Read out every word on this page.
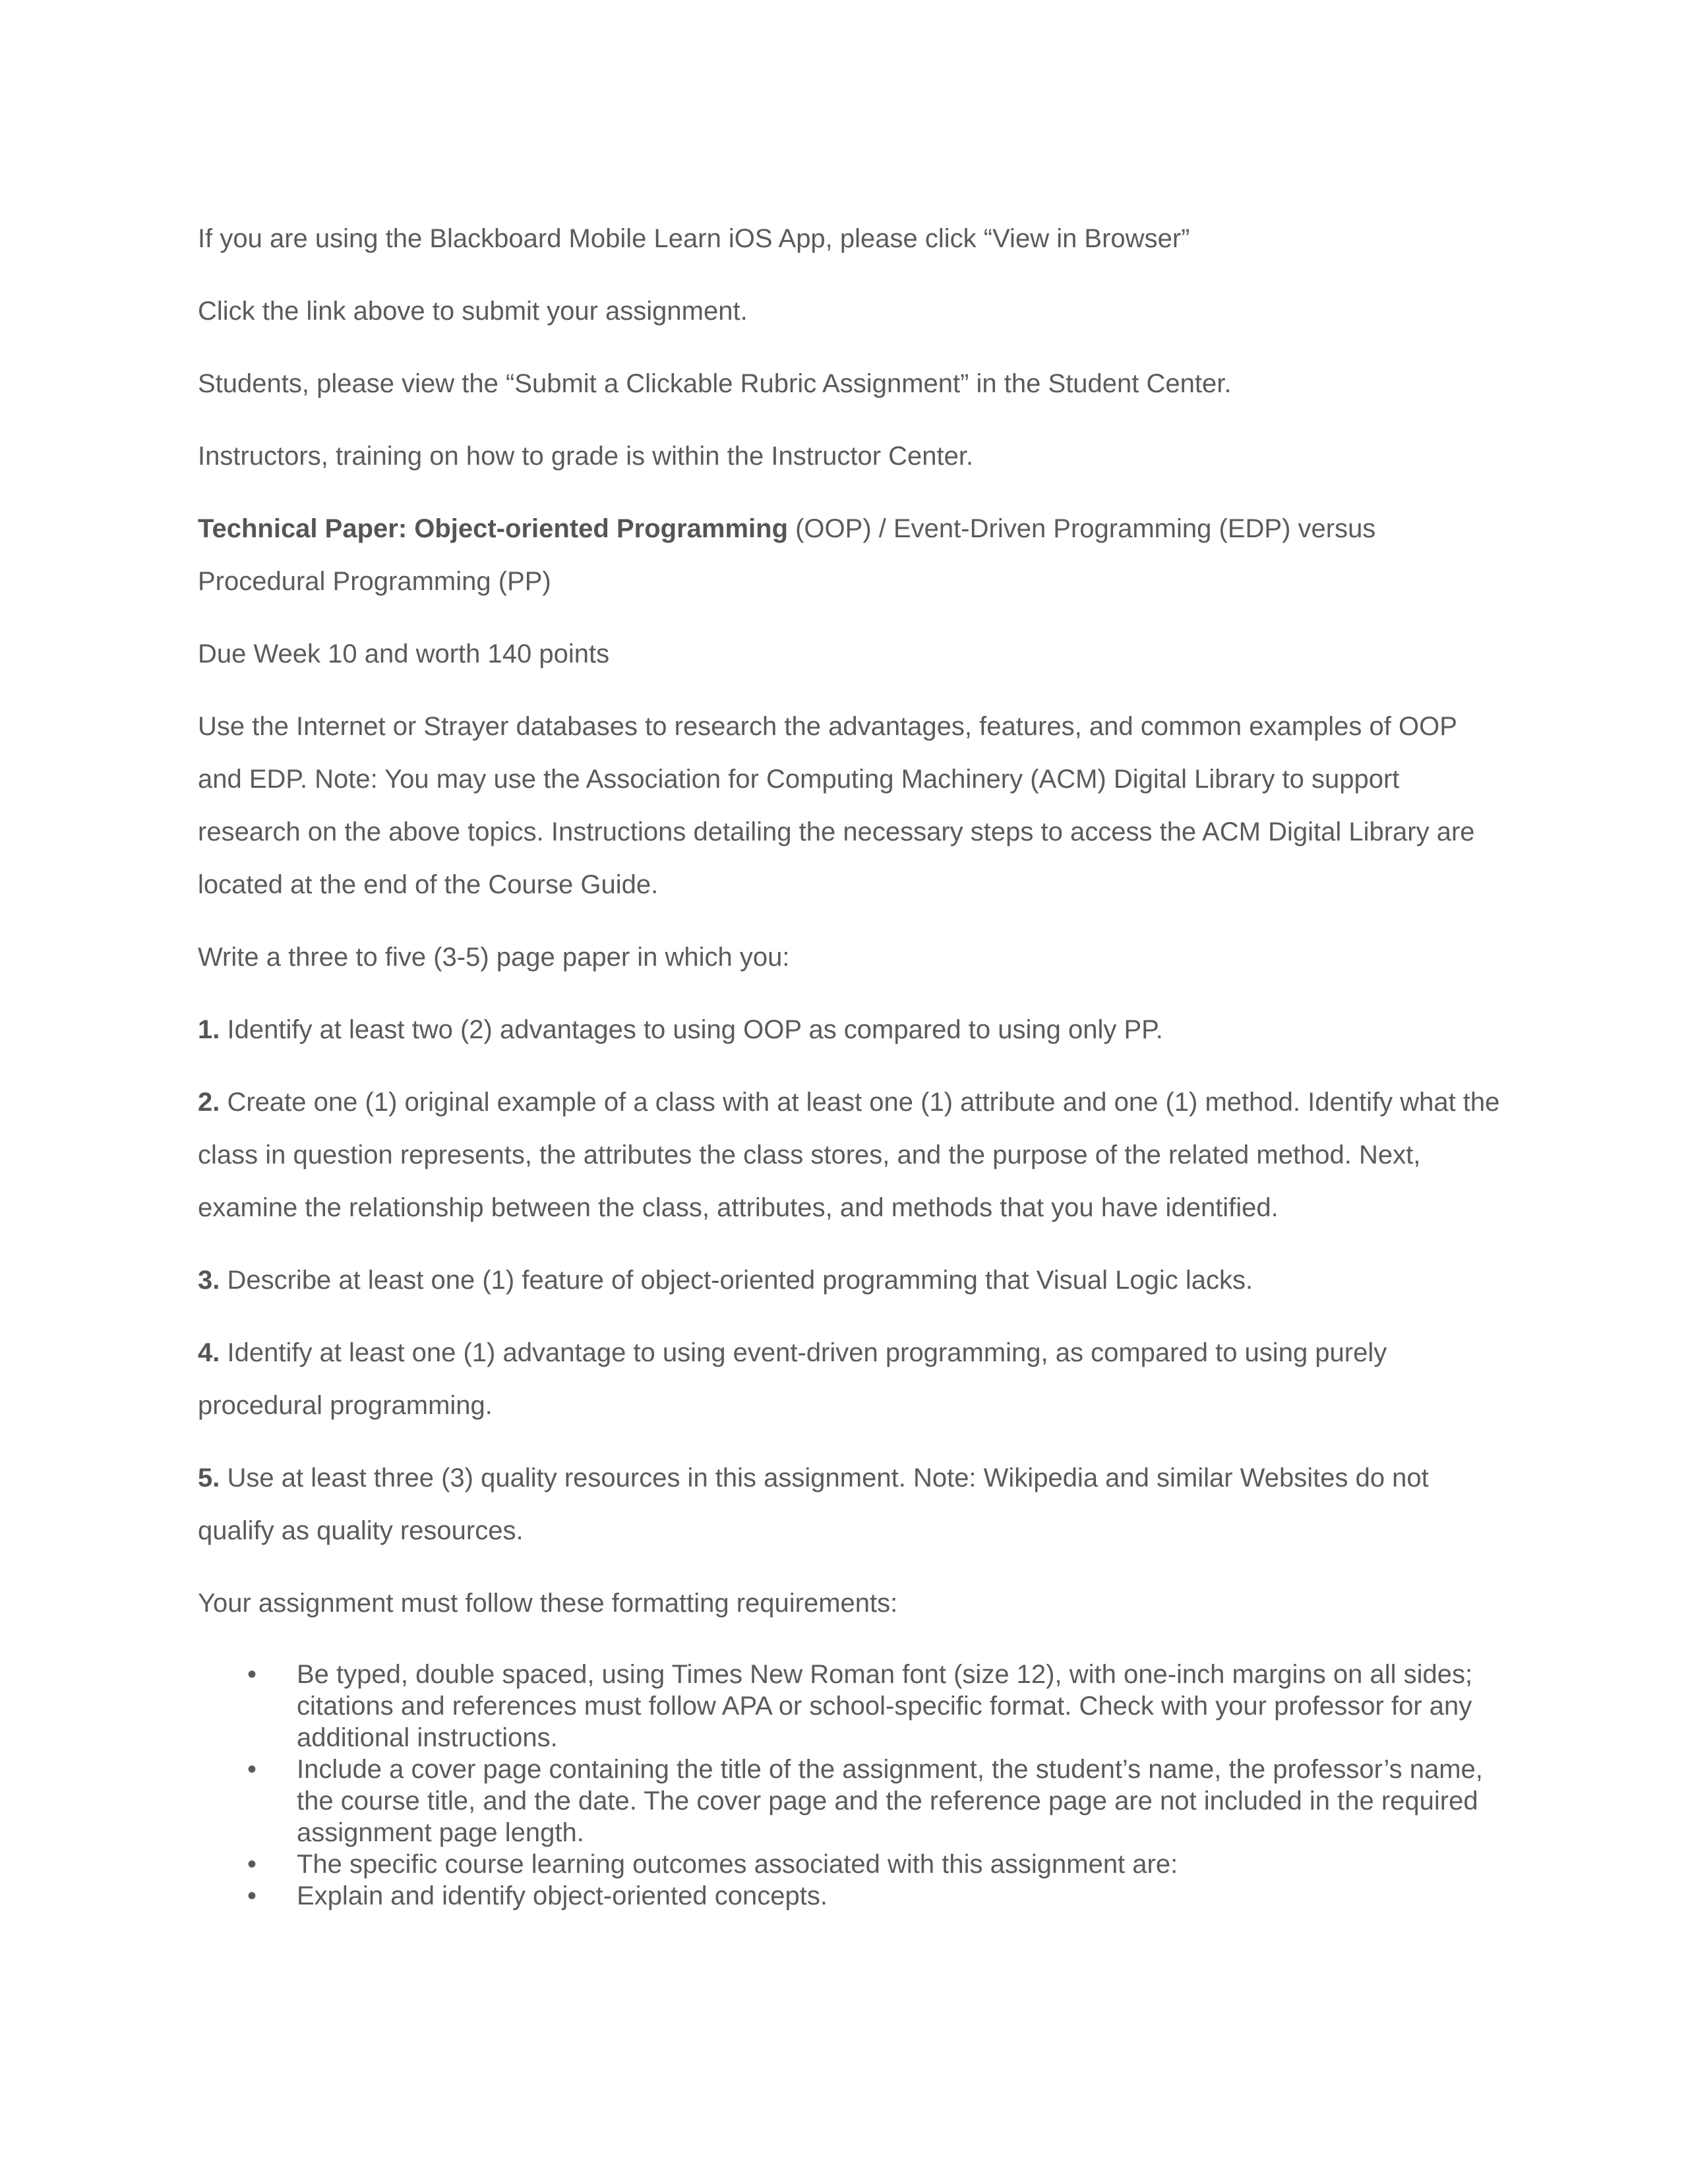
If you are using the Blackboard Mobile Learn iOS App, please click “View in Browser”

Click the link above to submit your assignment.

Students, please view the “Submit a Clickable Rubric Assignment” in the Student Center.

Instructors, training on how to grade is within the Instructor Center.

Technical Paper: Object-oriented Programming (OOP) / Event-Driven Programming (EDP) versus Procedural Programming (PP)

Due Week 10 and worth 140 points

Use the Internet or Strayer databases to research the advantages, features, and common examples of OOP and EDP. Note: You may use the Association for Computing Machinery (ACM) Digital Library to support research on the above topics. Instructions detailing the necessary steps to access the ACM Digital Library are located at the end of the Course Guide.

Write a three to five (3-5) page paper in which you:

1. Identify at least two (2) advantages to using OOP as compared to using only PP.

2. Create one (1) original example of a class with at least one (1) attribute and one (1) method. Identify what the class in question represents, the attributes the class stores, and the purpose of the related method. Next, examine the relationship between the class, attributes, and methods that you have identified.

3. Describe at least one (1) feature of object-oriented programming that Visual Logic lacks.

4. Identify at least one (1) advantage to using event-driven programming, as compared to using purely procedural programming.

5. Use at least three (3) quality resources in this assignment. Note: Wikipedia and similar Websites do not qualify as quality resources.

Your assignment must follow these formatting requirements:

• Be typed, double spaced, using Times New Roman font (size 12), with one-inch margins on all sides; citations and references must follow APA or school-specific format. Check with your professor for any additional instructions.
• Include a cover page containing the title of the assignment, the student’s name, the professor’s name, the course title, and the date. The cover page and the reference page are not included in the required assignment page length.
• The specific course learning outcomes associated with this assignment are:
• Explain and identify object-oriented concepts.
